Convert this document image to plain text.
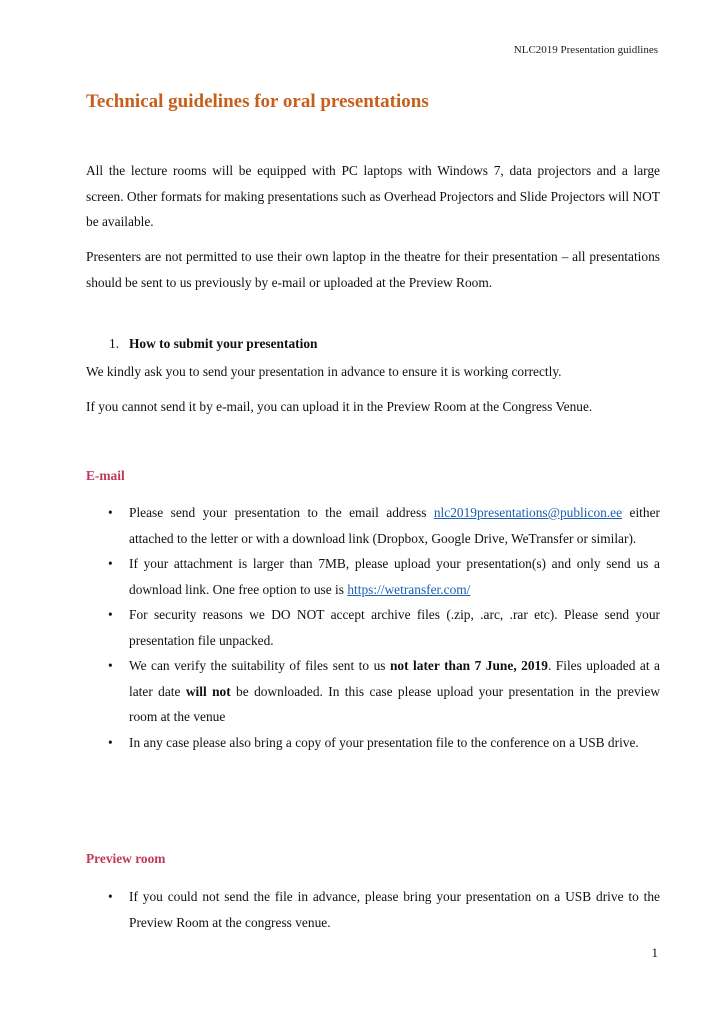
NLC2019 Presentation guidlines
Technical guidelines for oral presentations

All the lecture rooms will be equipped with PC laptops with Windows 7, data projectors and a large screen. Other formats for making presentations such as Overhead Projectors and Slide Projectors will NOT be available.

Presenters are not permitted to use their own laptop in the theatre for their presentation – all presentations should be sent to us previously by e-mail or uploaded at the Preview Room.

1. How to submit your presentation

We kindly ask you to send your presentation in advance to ensure it is working correctly.

If you cannot send it by e-mail, you can upload it in the Preview Room at the Congress Venue.

E-mail
• Please send your presentation to the email address nlc2019presentations@publicon.ee either attached to the letter or with a download link (Dropbox, Google Drive, WeTransfer or similar).
• If your attachment is larger than 7MB, please upload your presentation(s) and only send us a download link. One free option to use is https://wetransfer.com/
• For security reasons we DO NOT accept archive files (.zip, .arc, .rar etc). Please send your presentation file unpacked.
• We can verify the suitability of files sent to us not later than 7 June, 2019. Files uploaded at a later date will not be downloaded. In this case please upload your presentation in the preview room at the venue
• In any case please also bring a copy of your presentation file to the conference on a USB drive.
Preview room
• If you could not send the file in advance, please bring your presentation on a USB drive to the Preview Room at the congress venue.
1
